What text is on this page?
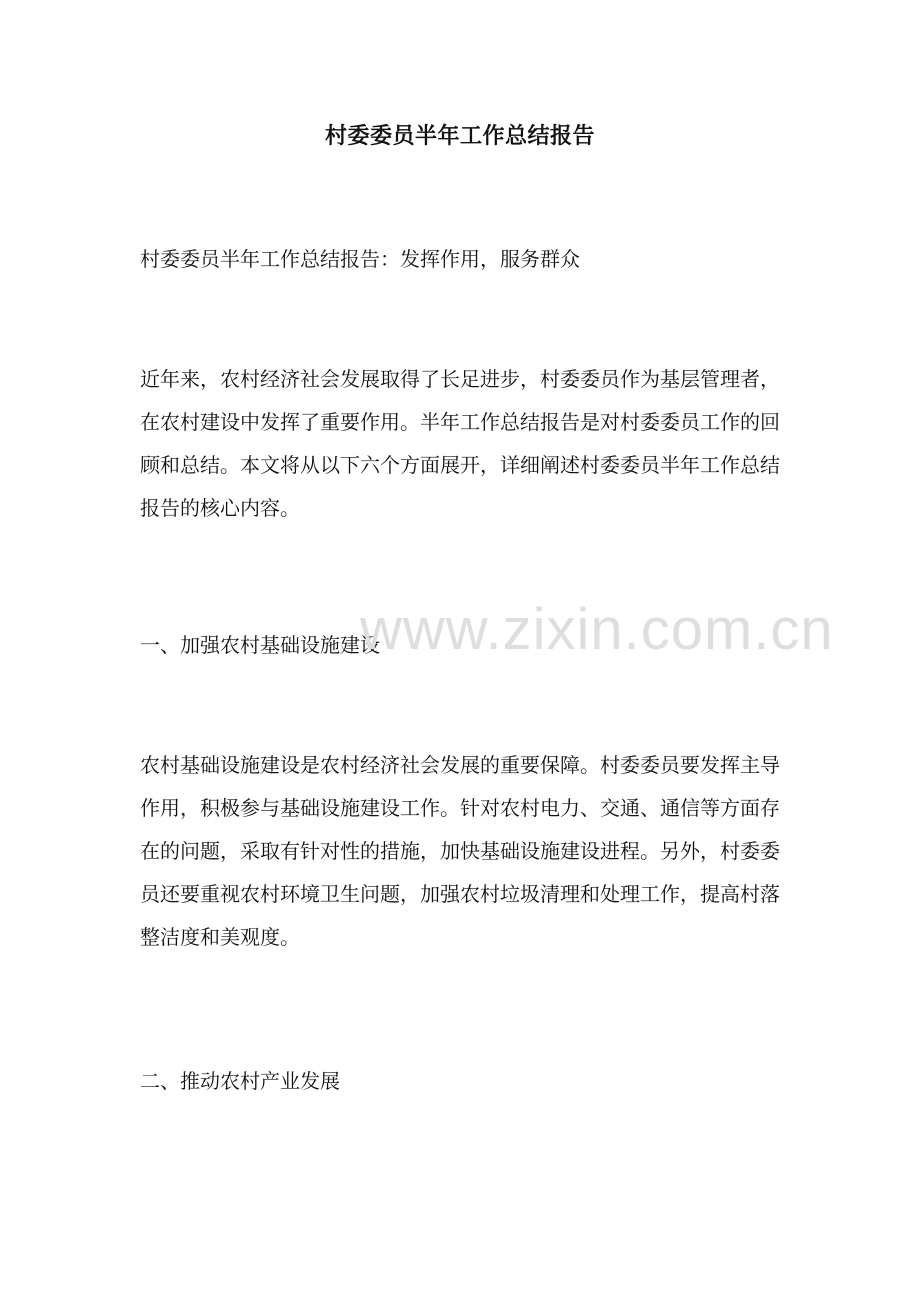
村委委员半年工作总结报告
村委委员半年工作总结报告：发挥作用，服务群众
近年来，农村经济社会发展取得了长足进步，村委委员作为基层管理者，在农村建设中发挥了重要作用。半年工作总结报告是对村委委员工作的回顾和总结。本文将从以下六个方面展开，详细阐述村委委员半年工作总结报告的核心内容。
一、加强农村基础设施建设
农村基础设施建设是农村经济社会发展的重要保障。村委委员要发挥主导作用，积极参与基础设施建设工作。针对农村电力、交通、通信等方面存在的问题，采取有针对性的措施，加快基础设施建设进程。另外，村委委员还要重视农村环境卫生问题，加强农村垃圾清理和处理工作，提高村落整洁度和美观度。
二、推动农村产业发展
www.zixin.com.cn
